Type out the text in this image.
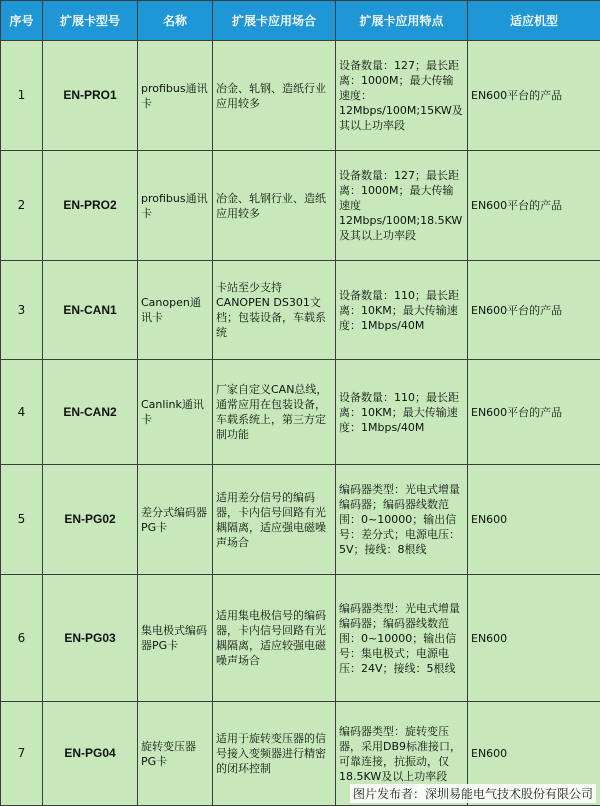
序号	扩展卡型号	名称	扩展卡应用场合	扩展卡应用特点	适应机型
1	EN-PRO1	profibus通讯卡	冶金、轧钢、造纸行业应用较多	设备数量：127；最长距离：1000M；最大传输速度：12Mbps/100M;15KW及其以上功率段	EN600平台的产品
2	EN-PRO2	profibus通讯卡	冶金、轧钢行业、造纸应用较多	设备数量：127；最长距离：1000M；最大传输速度12Mbps/100M;18.5KW及其以上功率段	EN600平台的产品
3	EN-CAN1	Canopen通讯卡	卡站至少支持CANOPEN DS301文档；包装设备，车载系统	设备数量：110；最长距离：10KM；最大传输速度：1Mbps/40M	EN600平台的产品
4	EN-CAN2	Canlink通讯卡	厂家自定义CAN总线，通常应用在包装设备，车载系统上，第三方定制功能	设备数量：110；最长距离：10KM；最大传输速度：1Mbps/40M	EN600平台的产品
5	EN-PG02	差分式编码器PG卡	适用差分信号的编码器，卡内信号回路有光耦隔离，适应强电磁噪声场合	编码器类型：光电式增量编码器；编码器线数范围：0~10000；输出信号：差分式；电源电压：5V；接线：8根线	EN600
6	EN-PG03	集电极式编码器PG卡	适用集电极信号的编码器，卡内信号回路有光耦隔离，适应较强电磁噪声场合	编码器类型：光电式增量编码器；编码器线数范围：0~10000；输出信号：集电极式；电源电压：24V；接线：5根线	EN600
7	EN-PG04	旋转变压器PG卡	适用于旋转变压器的信号接入变频器进行精密的闭环控制	编码器类型：旋转变压器，采用DB9标准接口，可靠连接，抗振动，仅18.5KW及以上功率段	EN600
图片发布者：深圳易能电气技术股份有限公司
